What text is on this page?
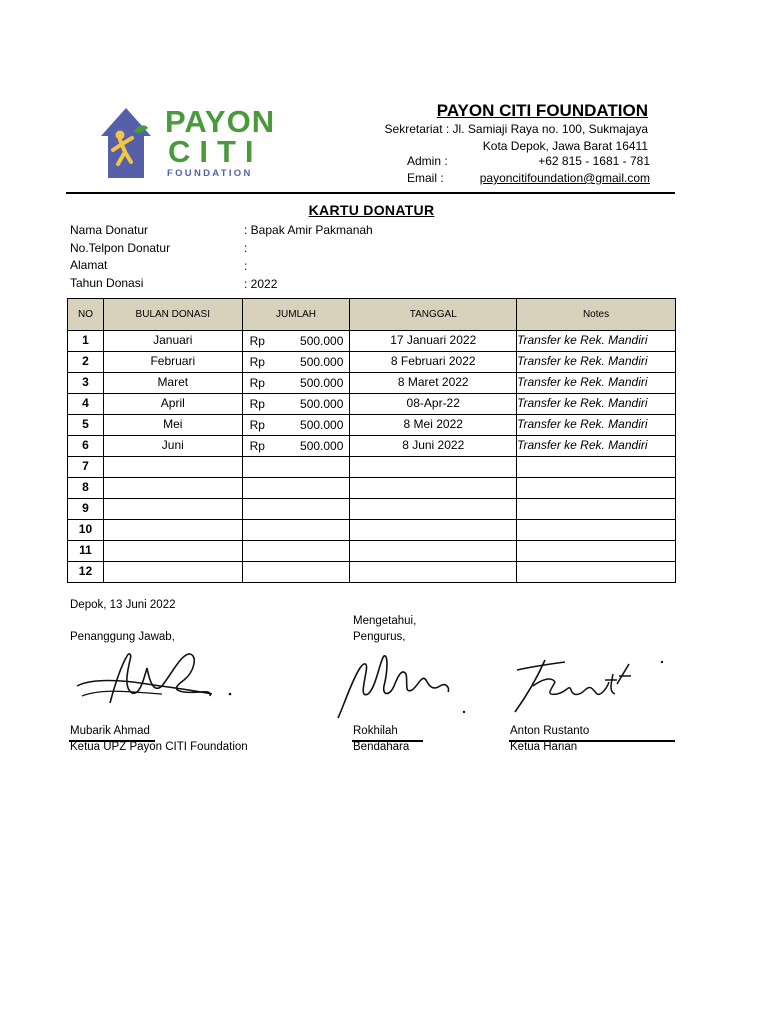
PAYON
CITI
FOUNDATION
PAYON CITI FOUNDATION
Sekretariat : Jl. Samiaji Raya no. 100, Sukmajaya
Kota Depok, Jawa Barat 16411
Admin :	+62 815 - 1681 - 781
Email :	payoncitifoundation@gmail.com
KARTU DONATUR
Nama Donatur	: Bapak Amir Pakmanah
No.Telpon Donatur	:
Alamat	:
Tahun Donasi	: 2022
NO	BULAN DONASI	JUMLAH	TANGGAL	Notes

1	Januari	Rp 500.000	17 Januari 2022	Transfer ke Rek. Mandiri

2	Februari	Rp 500.000	8 Februari 2022	Transfer ke Rek. Mandiri

3	Maret	Rp 500.000	8 Maret 2022	Transfer ke Rek. Mandiri

4	April	Rp 500.000	08-Apr-22	Transfer ke Rek. Mandiri

5	Mei	Rp 500.000	8 Mei 2022	Transfer ke Rek. Mandiri

6	Juni	Rp 500.000	8 Juni 2022	Transfer ke Rek. Mandiri

7				

8				

9				

10				

11				

12				

Depok, 13 Juni 2022
Mengetahui,
Penanggung Jawab,	Pengurus,
Mubarik Ahmad
Ketua UPZ Payon CITI Foundation
Rokhilah
Bendahara
Anton Rustanto
Ketua Harian
